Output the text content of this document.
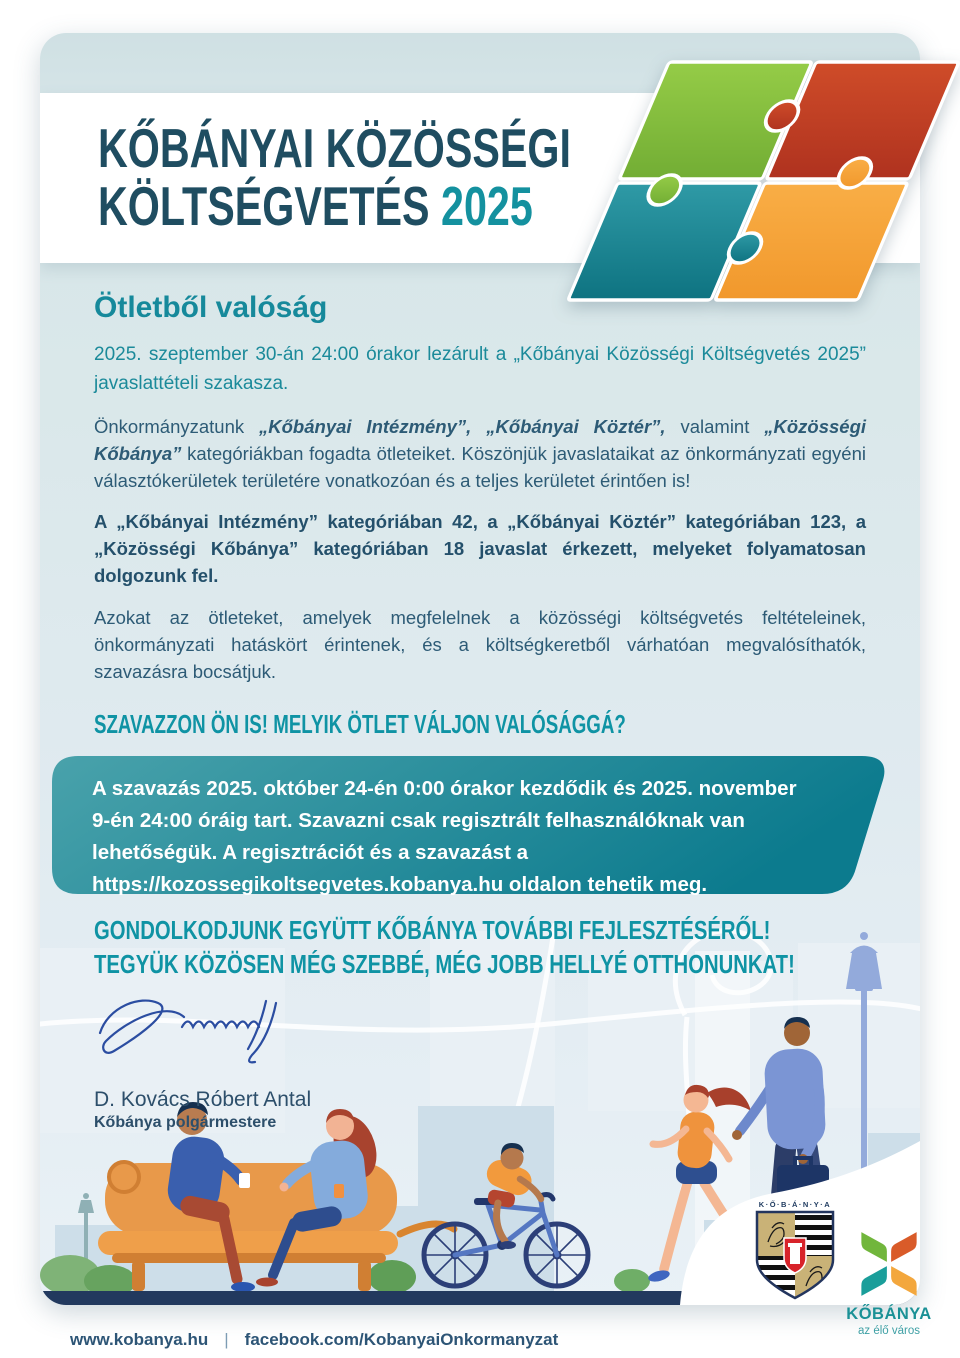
KŐBÁNYAI KÖZÖSSÉGI
KÖLTSÉGVETÉS 2025
Ötletből valóság

2025. szeptember 30-án 24:00 órakor lezárult a „Kőbányai Közösségi Költségvetés 2025” javaslattételi szakasza.

Önkormányzatunk „Kőbányai Intézmény”, „Kőbányai Köztér”, valamint „Közösségi Kőbánya” kategóriákban fogadta ötleteiket. Köszönjük javaslataikat az önkormányzati egyéni választókerületek területére vonatkozóan és a teljes kerületet érintően is!

A „Kőbányai Intézmény” kategóriában 42, a „Kőbányai Köztér” kategóriában 123, a „Közösségi Kőbánya” kategóriában 18 javaslat érkezett, melyeket folyamatosan dolgozunk fel.

Azokat az ötleteket, amelyek megfelelnek a közösségi költségvetés feltételeinek, önkormányzati hatáskört érintenek, és a költségkeretből várhatóan megvalósíthatók, szavazásra bocsátjuk.

SZAVAZZON ÖN IS! MELYIK ÖTLET VÁLJON VALÓSÁGGÁ?
A szavazás 2025. október 24-én 0:00 órakor kezdődik és 2025. november 9-én 24:00 óráig tart. Szavazni csak regisztrált felhasználóknak van lehetőségük. A regisztrációt és a szavazást a https://kozossegikoltsegvetes.kobanya.hu oldalon tehetik meg.
GONDOLKODJUNK EGYÜTT KŐBÁNYA TOVÁBBI FEJLESZTÉSÉRŐL!
TEGYÜK KÖZÖSEN MÉG SZEBBÉ, MÉG JOBB HELLYÉ OTTHONUNKAT!
D. Kovács Róbert Antal
Kőbánya polgármestere
K·Ő·B·Á·N·Y·A
KŐBÁNYA
az élő város
www.kobanya.hu | facebook.com/KobanyaiOnkormanyzat
